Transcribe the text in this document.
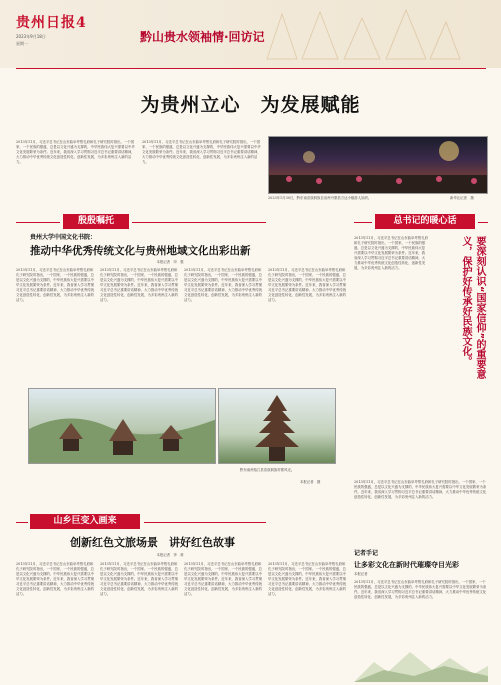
贵州日报4
2023年9月18日
星期一	黔山贵水领袖情·回访记
为贵州立心　为发展赋能
2013年11月，习近平总书记在山东曲阜考察孔府和孔子研究院时指出，一个国家、一个民族的强盛，总是以文化兴盛为支撑的，中华民族伟大复兴需要以中华文化发展繁荣为条件。近年来，我省深入学习贯彻习近平总书记重要讲话精神，大力推动中华优秀传统文化创造性转化、创新性发展，为多彩贵州注入新的活力。
2013年11月，习近平总书记在山东曲阜考察孔府和孔子研究院时指出，一个国家、一个民族的强盛，总是以文化兴盛为支撑的，中华民族伟大复兴需要以中华文化发展繁荣为条件。近年来，我省深入学习贯彻习近平总书记重要讲话精神，大力推动中华优秀传统文化创造性转化、创新性发展，为多彩贵州注入新的活力。
2023年1月30日，黔东南苗族侗族自治州丹寨县万达小镇游人如织。	新华社记者　摄
殷殷嘱托
贵州大学中国文化书院：
推动中华优秀传统文化与贵州地域文化出彩出新
本报记者　申　强
2013年11月，习近平总书记在山东曲阜考察孔府和孔子研究院时指出，一个国家、一个民族的强盛，总是以文化兴盛为支撑的，中华民族伟大复兴需要以中华文化发展繁荣为条件。近年来，我省深入学习贯彻习近平总书记重要讲话精神，大力推动中华优秀传统文化创造性转化、创新性发展，为多彩贵州注入新的活力。
2013年11月，习近平总书记在山东曲阜考察孔府和孔子研究院时指出，一个国家、一个民族的强盛，总是以文化兴盛为支撑的，中华民族伟大复兴需要以中华文化发展繁荣为条件。近年来，我省深入学习贯彻习近平总书记重要讲话精神，大力推动中华优秀传统文化创造性转化、创新性发展，为多彩贵州注入新的活力。
2013年11月，习近平总书记在山东曲阜考察孔府和孔子研究院时指出，一个国家、一个民族的强盛，总是以文化兴盛为支撑的，中华民族伟大复兴需要以中华文化发展繁荣为条件。近年来，我省深入学习贯彻习近平总书记重要讲话精神，大力推动中华优秀传统文化创造性转化、创新性发展，为多彩贵州注入新的活力。
2013年11月，习近平总书记在山东曲阜考察孔府和孔子研究院时指出，一个国家、一个民族的强盛，总是以文化兴盛为支撑的，中华民族伟大复兴需要以中华文化发展繁荣为条件。近年来，我省深入学习贯彻习近平总书记重要讲话精神，大力推动中华优秀传统文化创造性转化、创新性发展，为多彩贵州注入新的活力。
黔东南州榕江县苗族侗族村寨风光。
本报记者　摄
总书记的暖心话
2013年11月，习近平总书记在山东曲阜考察孔府和孔子研究院时指出，一个国家、一个民族的强盛，总是以文化兴盛为支撑的，中华民族伟大复兴需要以中华文化发展繁荣为条件。近年来，我省深入学习贯彻习近平总书记重要讲话精神，大力推动中华优秀传统文化创造性转化、创新性发展，为多彩贵州注入新的活力。	要深刻认识“国家信仰”的重要意义，保护好传承好民族文化。
2013年11月，习近平总书记在山东曲阜考察孔府和孔子研究院时指出，一个国家、一个民族的强盛，总是以文化兴盛为支撑的，中华民族伟大复兴需要以中华文化发展繁荣为条件。近年来，我省深入学习贯彻习近平总书记重要讲话精神，大力推动中华优秀传统文化创造性转化、创新性发展，为多彩贵州注入新的活力。
山乡巨变入画来
创新红色文旅场景　讲好红色故事
本报记者　李　莉
2013年11月，习近平总书记在山东曲阜考察孔府和孔子研究院时指出，一个国家、一个民族的强盛，总是以文化兴盛为支撑的，中华民族伟大复兴需要以中华文化发展繁荣为条件。近年来，我省深入学习贯彻习近平总书记重要讲话精神，大力推动中华优秀传统文化创造性转化、创新性发展，为多彩贵州注入新的活力。
2013年11月，习近平总书记在山东曲阜考察孔府和孔子研究院时指出，一个国家、一个民族的强盛，总是以文化兴盛为支撑的，中华民族伟大复兴需要以中华文化发展繁荣为条件。近年来，我省深入学习贯彻习近平总书记重要讲话精神，大力推动中华优秀传统文化创造性转化、创新性发展，为多彩贵州注入新的活力。
2013年11月，习近平总书记在山东曲阜考察孔府和孔子研究院时指出，一个国家、一个民族的强盛，总是以文化兴盛为支撑的，中华民族伟大复兴需要以中华文化发展繁荣为条件。近年来，我省深入学习贯彻习近平总书记重要讲话精神，大力推动中华优秀传统文化创造性转化、创新性发展，为多彩贵州注入新的活力。
2013年11月，习近平总书记在山东曲阜考察孔府和孔子研究院时指出，一个国家、一个民族的强盛，总是以文化兴盛为支撑的，中华民族伟大复兴需要以中华文化发展繁荣为条件。近年来，我省深入学习贯彻习近平总书记重要讲话精神，大力推动中华优秀传统文化创造性转化、创新性发展，为多彩贵州注入新的活力。
记者手记
让多彩文化在新时代璀璨夺目光彩
本报记者
2013年11月，习近平总书记在山东曲阜考察孔府和孔子研究院时指出，一个国家、一个民族的强盛，总是以文化兴盛为支撑的，中华民族伟大复兴需要以中华文化发展繁荣为条件。近年来，我省深入学习贯彻习近平总书记重要讲话精神，大力推动中华优秀传统文化创造性转化、创新性发展，为多彩贵州注入新的活力。
